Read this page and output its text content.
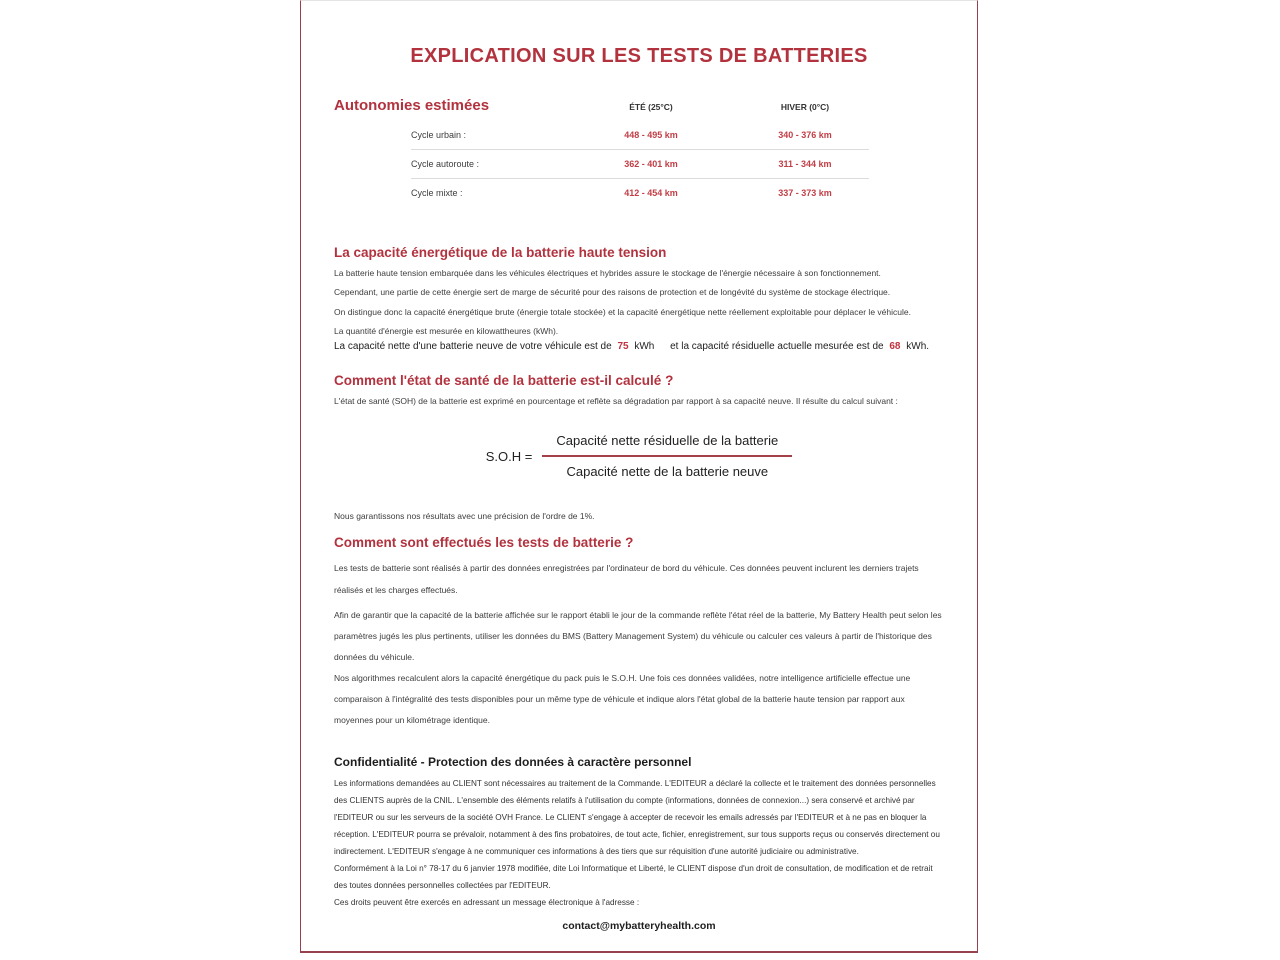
EXPLICATION SUR LES TESTS DE BATTERIES
Autonomies estimées	ÉTÉ (25°C)	HIVER (0°C)
Cycle urbain :	448 - 495 km	340 - 376 km
Cycle autoroute :	362 - 401 km	311 - 344 km
Cycle mixte :	412 - 454 km	337 - 373 km
La capacité énergétique de la batterie haute tension
La batterie haute tension embarquée dans les véhicules électriques et hybrides assure le stockage de l'énergie nécessaire à son fonctionnement.
Cependant, une partie de cette énergie sert de marge de sécurité pour des raisons de protection et de longévité du système de stockage électrique.
On distingue donc la capacité énergétique brute (énergie totale stockée) et la capacité énergétique nette réellement exploitable pour déplacer le véhicule.
La quantité d'énergie est mesurée en kilowattheures (kWh).
La capacité nette d'une batterie neuve de votre véhicule est de 75 kWh et la capacité résiduelle actuelle mesurée est de 68 kWh.
Comment l'état de santé de la batterie est-il calculé ?
L'état de santé (SOH) de la batterie est exprimé en pourcentage et reflète sa dégradation par rapport à sa capacité neuve. Il résulte du calcul suivant :
$S.O.H = \frac{\text{Capacité nette résiduelle de la batterie}}{\text{Capacité nette de la batterie neuve}}$
Nous garantissons nos résultats avec une précision de l'ordre de 1%.
Comment sont effectués les tests de batterie ?
Les tests de batterie sont réalisés à partir des données enregistrées par l'ordinateur de bord du véhicule. Ces données peuvent inclurent les derniers trajets réalisés et les charges effectués.
Afin de garantir que la capacité de la batterie affichée sur le rapport établi le jour de la commande reflète l'état réel de la batterie, My Battery Health peut selon les paramètres jugés les plus pertinents, utiliser les données du BMS (Battery Management System) du véhicule ou calculer ces valeurs à partir de l'historique des données du véhicule.
Nos algorithmes recalculent alors la capacité énergétique du pack puis le S.O.H. Une fois ces données validées, notre intelligence artificielle effectue une comparaison à l'intégralité des tests disponibles pour un même type de véhicule et indique alors l'état global de la batterie haute tension par rapport aux moyennes pour un kilométrage identique.
Confidentialité - Protection des données à caractère personnel

Les informations demandées au CLIENT sont nécessaires au traitement de la Commande. L'EDITEUR a déclaré la collecte et le traitement des données personnelles des CLIENTS auprès de la CNIL. L'ensemble des éléments relatifs à l'utilisation du compte (informations, données de connexion...) sera conservé et archivé par l'EDITEUR ou sur les serveurs de la société OVH France. Le CLIENT s'engage à accepter de recevoir les emails adressés par l'EDITEUR et à ne pas en bloquer la réception. L'EDITEUR pourra se prévaloir, notamment à des fins probatoires, de tout acte, fichier, enregistrement, sur tous supports reçus ou conservés directement ou indirectement. L'EDITEUR s'engage à ne communiquer ces informations à des tiers que sur réquisition d'une autorité judiciaire ou administrative.

Conformément à la Loi n° 78-17 du 6 janvier 1978 modifiée, dite Loi Informatique et Liberté, le CLIENT dispose d'un droit de consultation, de modification et de retrait des toutes données personnelles collectées par l'EDITEUR.

Ces droits peuvent être exercés en adressant un message électronique à l'adresse :

contact@mybatteryhealth.com
